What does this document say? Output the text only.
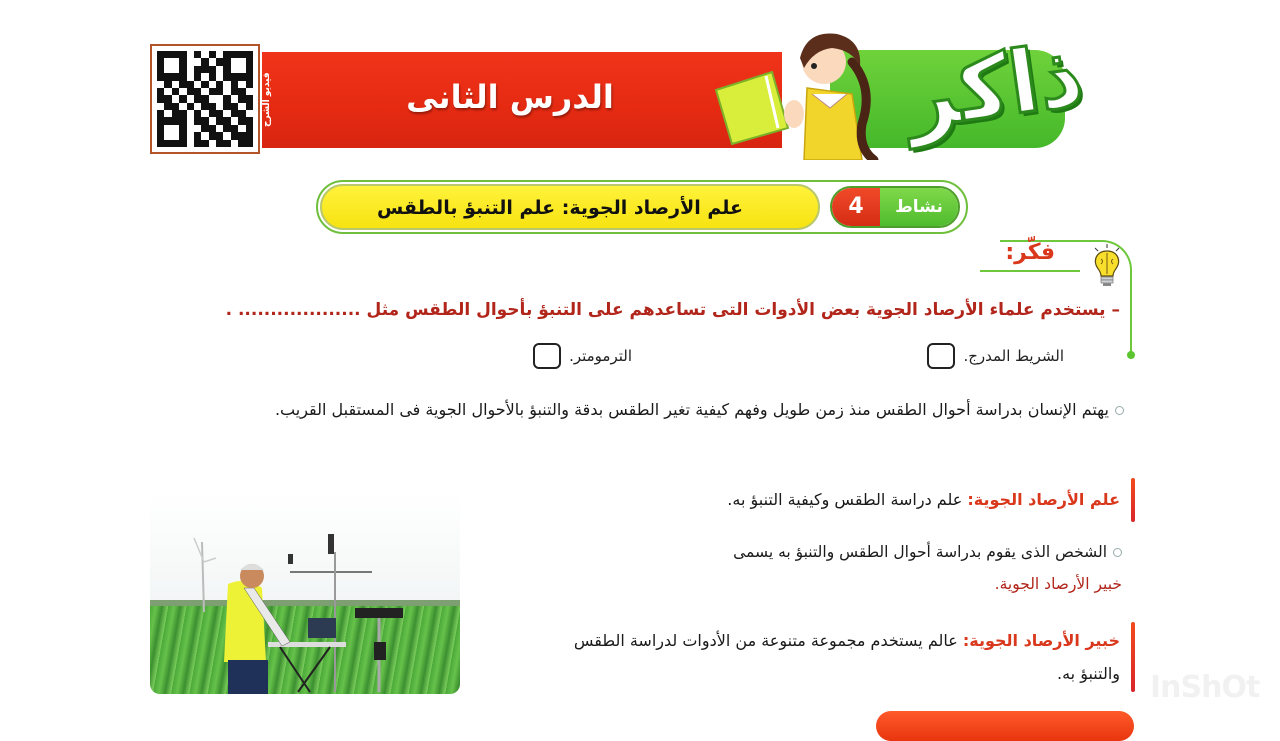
فيديو الشرح	الدرس الثانى	ذاكر
علم الأرصاد الجوية: علم التنبؤ بالطقس	4	نشاط
فكّر:
– يستخدم علماء الأرصاد الجوية بعض الأدوات التى تساعدهم على التنبؤ بأحوال الطقس مثل ................... .
الشريط المدرج.
الترمومتر.
يهتم الإنسان بدراسة أحوال الطقس منذ زمن طويل وفهم كيفية تغير الطقس بدقة والتنبؤ بالأحوال الجوية فى المستقبل القريب.
علم الأرصاد الجوية: علم دراسة الطقس وكيفية التنبؤ به.
الشخص الذى يقوم بدراسة أحوال الطقس والتنبؤ به يسمى
خبير الأرصاد الجوية.
خبير الأرصاد الجوية: عالم يستخدم مجموعة متنوعة من الأدوات لدراسة الطقس والتنبؤ به. InShOt
